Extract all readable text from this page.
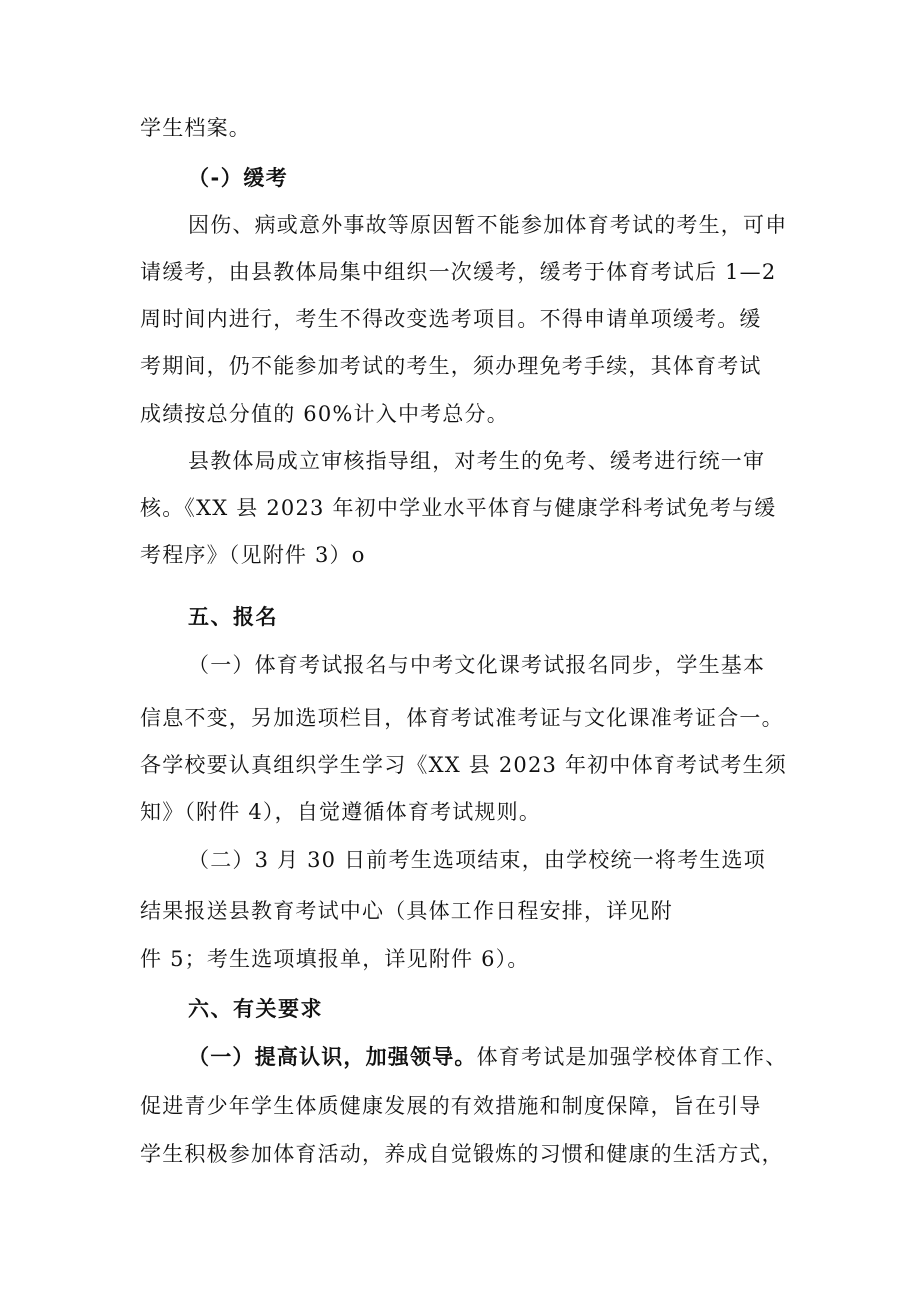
学生档案。
（-）缓考
因伤、病或意外事故等原因暂不能参加体育考试的考生，可申
请缓考，由县教体局集中组织一次缓考，缓考于体育考试后 1—2
周时间内进行，考生不得改变选考项目。不得申请单项缓考。缓
考期间，仍不能参加考试的考生，须办理免考手续，其体育考试
成绩按总分值的 60%计入中考总分。
县教体局成立审核指导组，对考生的免考、缓考进行统一审
核。《XX 县 2023 年初中学业水平体育与健康学科考试免考与缓
考程序》（见附件 3）o
五、报名
（一）体育考试报名与中考文化课考试报名同步，学生基本
信息不变，另加选项栏目，体育考试准考证与文化课准考证合一。
各学校要认真组织学生学习《XX 县 2023 年初中体育考试考生须
知》（附件 4），自觉遵循体育考试规则。
（二）3 月 30 日前考生选项结束，由学校统一将考生选项
结果报送县教育考试中心（具体工作日程安排，详见附
件 5；考生选项填报单，详见附件 6）。
六、有关要求
（一）提高认识，加强领导。体育考试是加强学校体育工作、
促进青少年学生体质健康发展的有效措施和制度保障，旨在引导
学生积极参加体育活动，养成自觉锻炼的习惯和健康的生活方式，
